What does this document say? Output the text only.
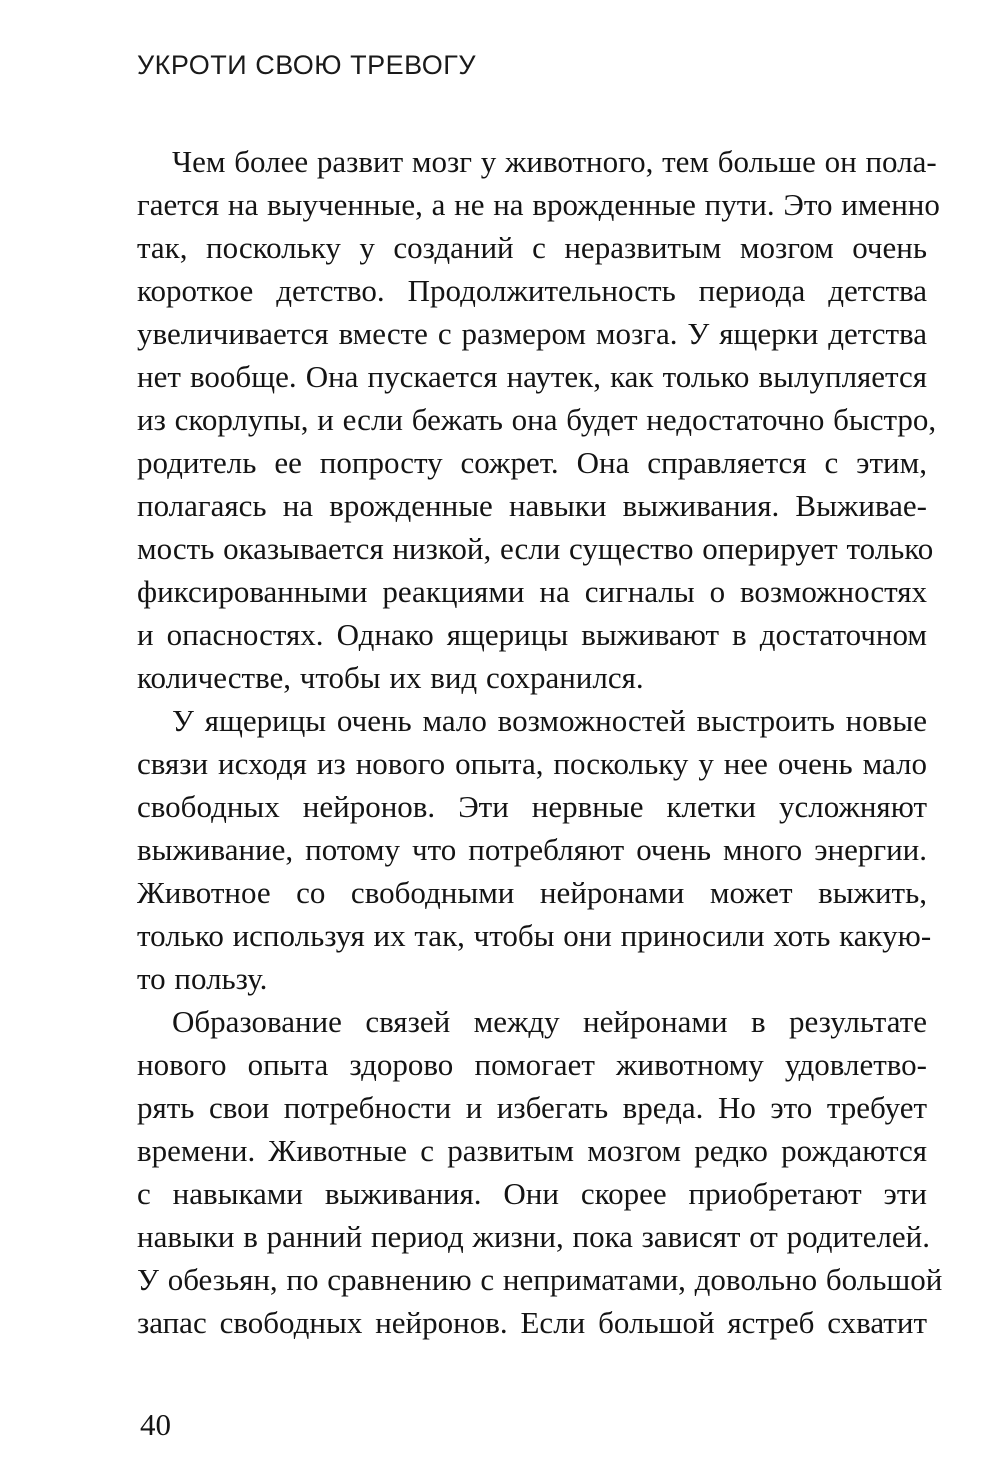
УКРОТИ СВОЮ ТРЕВОГУ
Чем более развит мозг у животного, тем больше он пола-
гается на выученные, а не на врожденные пути. Это именно
так, поскольку у созданий с неразвитым мозгом очень
короткое детство. Продолжительность периода детства
увеличивается вместе с размером мозга. У ящерки детства
нет вообще. Она пускается наутек, как только вылупляется
из скорлупы, и если бежать она будет недостаточно быстро,
родитель ее попросту сожрет. Она справляется с этим,
полагаясь на врожденные навыки выживания. Выживае-
мость оказывается низкой, если существо оперирует только
фиксированными реакциями на сигналы о возможностях
и опасностях. Однако ящерицы выживают в достаточном
количестве, чтобы их вид сохранился.
У ящерицы очень мало возможностей выстроить новые
связи исходя из нового опыта, поскольку у нее очень мало
свободных нейронов. Эти нервные клетки усложняют
выживание, потому что потребляют очень много энергии.
Животное со свободными нейронами может выжить,
только используя их так, чтобы они приносили хоть какую-
то пользу.
Образование связей между нейронами в результате
нового опыта здорово помогает животному удовлетво-
рять свои потребности и избегать вреда. Но это требует
времени. Животные с развитым мозгом редко рождаются
с навыками выживания. Они скорее приобретают эти
навыки в ранний период жизни, пока зависят от родителей.
У обезьян, по сравнению с неприматами, довольно большой
запас свободных нейронов. Если большой ястреб схватит
40
